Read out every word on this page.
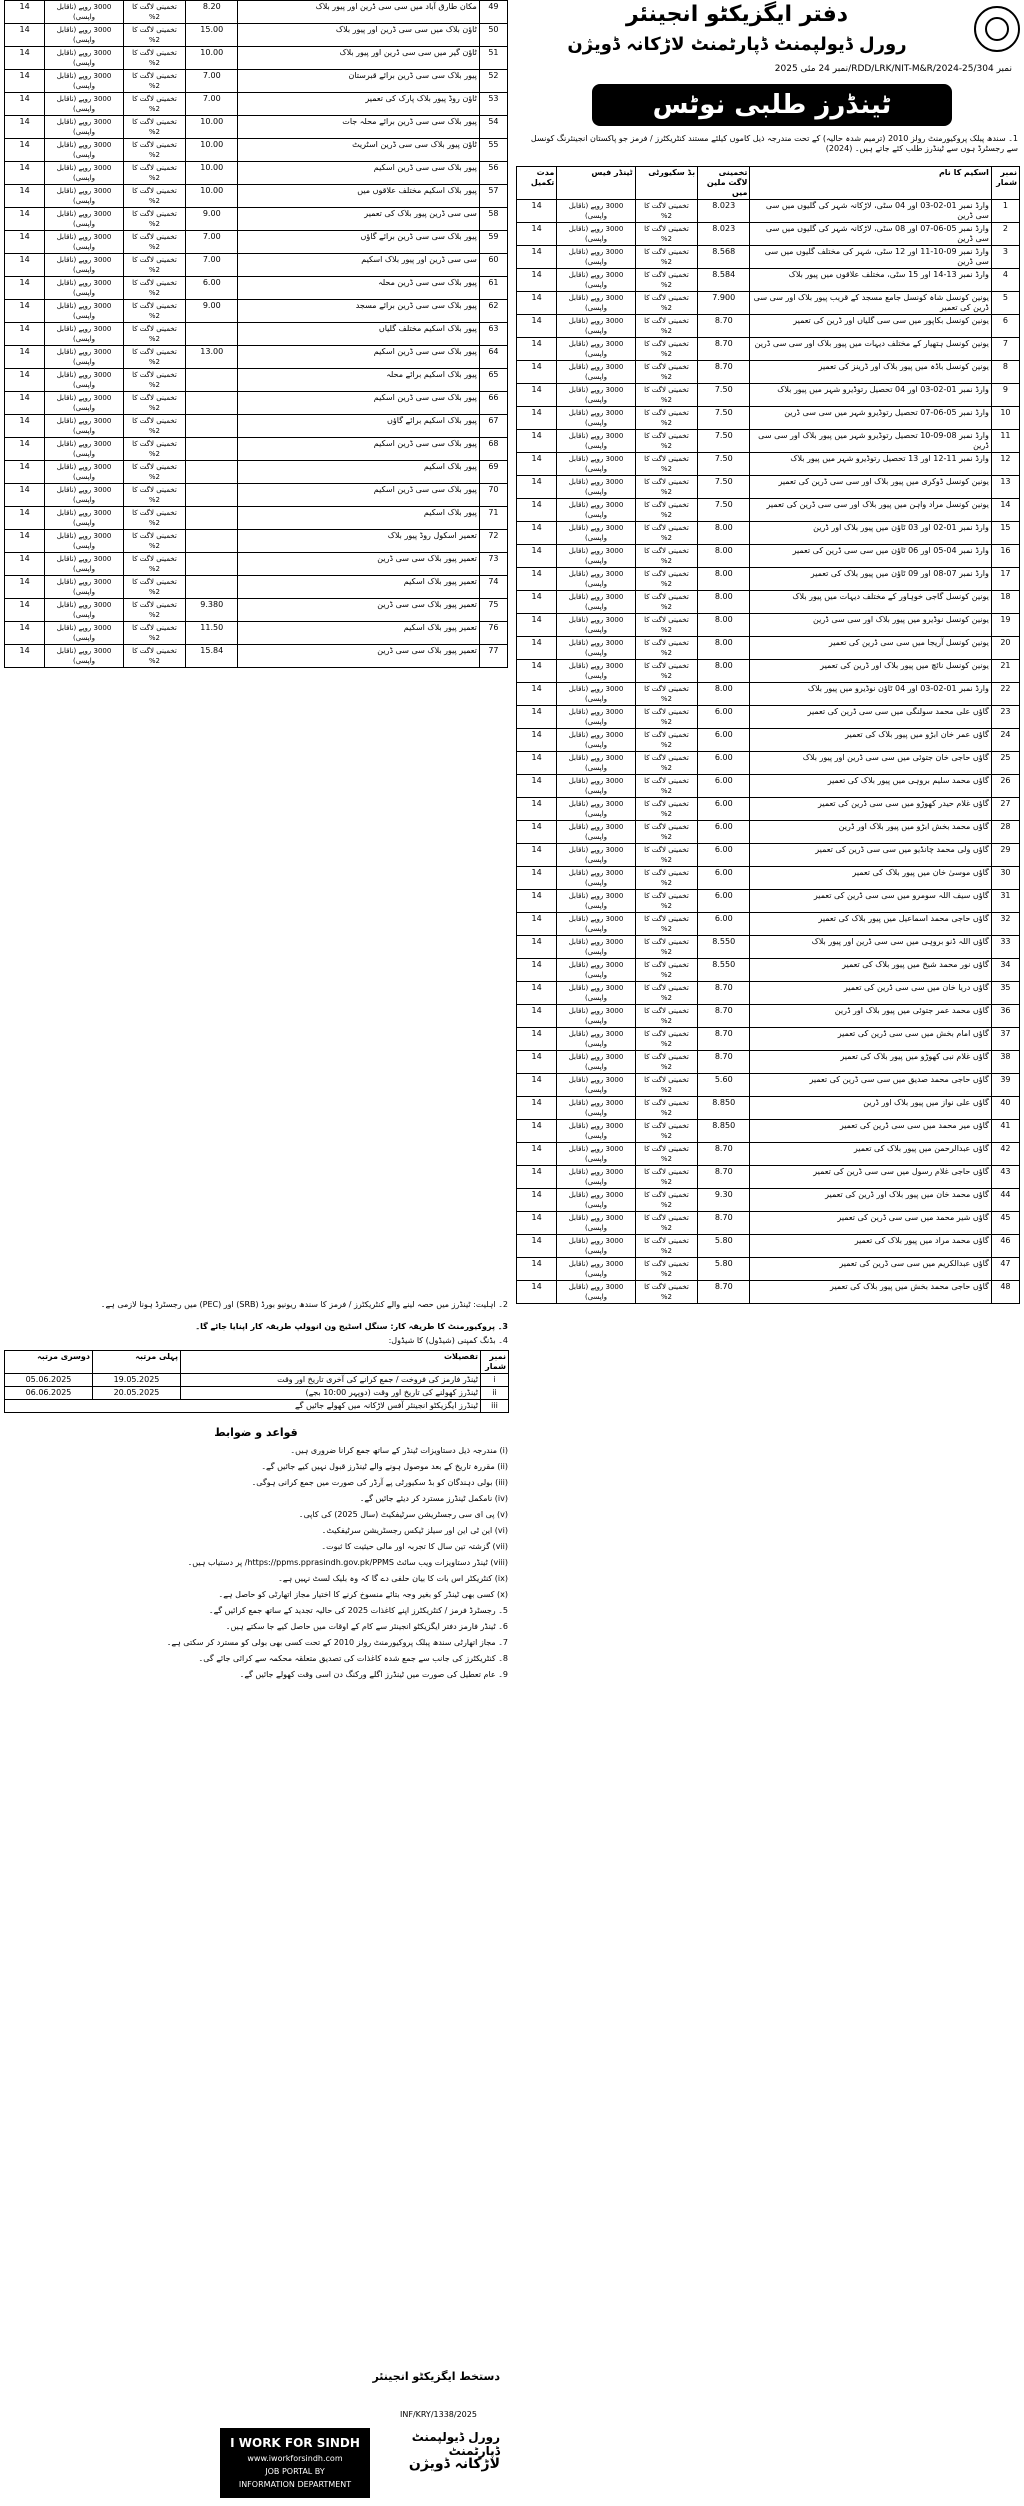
دفتر ایگزیکٹو انجینئر
رورل ڈیولپمنٹ ڈپارٹمنٹ لاڑکانہ ڈویژن
نمبر RDD/LRK/NIT-M&R/2024-25/304/نمبر 24 مئی 2025
ٹینڈرز طلبی نوٹس
1۔ سندھ پبلک پروکیورمنٹ رولز 2010 (ترمیم شدہ حالیہ) کے تحت مندرجہ ذیل کاموں کیلئے مستند کنٹریکٹرز / فرمز جو پاکستان انجینئرنگ کونسل سے رجسٹرڈ ہوں سے ٹینڈرز طلب کئے جاتے ہیں۔ (2024)
نمبر شمار	اسکیم کا نام	تخمینی لاگت ملین میں	بڈ سکیورٹی	ٹینڈر فیس	مدت تکمیل
1	وارڈ نمبر 01-02-03 اور 04 سٹی، لاڑکانہ شہر کی گلیوں میں سی سی ڈرین	8.023	تخمینی لاگت کا 2%	3000 روپے (ناقابل واپسی)	14
2	وارڈ نمبر 05-06-07 اور 08 سٹی، لاڑکانہ شہر کی گلیوں میں سی سی ڈرین	8.023	تخمینی لاگت کا 2%	3000 روپے (ناقابل واپسی)	14
3	وارڈ نمبر 09-10-11 اور 12 سٹی، شہر کی مختلف گلیوں میں سی سی ڈرین	8.568	تخمینی لاگت کا 2%	3000 روپے (ناقابل واپسی)	14
4	وارڈ نمبر 13-14 اور 15 سٹی، مختلف علاقوں میں پیور بلاک	8.584	تخمینی لاگت کا 2%	3000 روپے (ناقابل واپسی)	14
5	یونین کونسل شاہ کونسل جامع مسجد کے قریب پیور بلاک اور سی سی ڈرین کی تعمیر	7.900	تخمینی لاگت کا 2%	3000 روپے (ناقابل واپسی)	14
6	یونین کونسل بکاپور میں سی سی گلیاں اور ڈرین کی تعمیر	8.70	تخمینی لاگت کا 2%	3000 روپے (ناقابل واپسی)	14
7	یونین کونسل ہتھیار کے مختلف دیہات میں پیور بلاک اور سی سی ڈرین	8.70	تخمینی لاگت کا 2%	3000 روپے (ناقابل واپسی)	14
8	یونین کونسل باڈہ میں پیور بلاک اور ڈرینز کی تعمیر	8.70	تخمینی لاگت کا 2%	3000 روپے (ناقابل واپسی)	14
9	وارڈ نمبر 01-02-03 اور 04 تحصیل رتوڈیرو شہر میں پیور بلاک	7.50	تخمینی لاگت کا 2%	3000 روپے (ناقابل واپسی)	14
10	وارڈ نمبر 05-06-07 تحصیل رتوڈیرو شہر میں سی سی ڈرین	7.50	تخمینی لاگت کا 2%	3000 روپے (ناقابل واپسی)	14
11	وارڈ نمبر 08-09-10 تحصیل رتوڈیرو شہر میں پیور بلاک اور سی سی ڈرین	7.50	تخمینی لاگت کا 2%	3000 روپے (ناقابل واپسی)	14
12	وارڈ نمبر 11-12 اور 13 تحصیل رتوڈیرو شہر میں پیور بلاک	7.50	تخمینی لاگت کا 2%	3000 روپے (ناقابل واپسی)	14
13	یونین کونسل ڈوکری میں پیور بلاک اور سی سی ڈرین کی تعمیر	7.50	تخمینی لاگت کا 2%	3000 روپے (ناقابل واپسی)	14
14	یونین کونسل مراد واہن میں پیور بلاک اور سی سی ڈرین کی تعمیر	7.50	تخمینی لاگت کا 2%	3000 روپے (ناقابل واپسی)	14
15	وارڈ نمبر 01-02 اور 03 ٹاؤن میں پیور بلاک اور ڈرین	8.00	تخمینی لاگت کا 2%	3000 روپے (ناقابل واپسی)	14
16	وارڈ نمبر 04-05 اور 06 ٹاؤن میں سی سی ڈرین کی تعمیر	8.00	تخمینی لاگت کا 2%	3000 روپے (ناقابل واپسی)	14
17	وارڈ نمبر 07-08 اور 09 ٹاؤن میں پیور بلاک کی تعمیر	8.00	تخمینی لاگت کا 2%	3000 روپے (ناقابل واپسی)	14
18	یونین کونسل گاجی خوہاور کے مختلف دیہات میں پیور بلاک	8.00	تخمینی لاگت کا 2%	3000 روپے (ناقابل واپسی)	14
19	یونین کونسل نوڈیرو میں پیور بلاک اور سی سی ڈرین	8.00	تخمینی لاگت کا 2%	3000 روپے (ناقابل واپسی)	14
20	یونین کونسل آریجا میں سی سی ڈرین کی تعمیر	8.00	تخمینی لاگت کا 2%	3000 روپے (ناقابل واپسی)	14
21	یونین کونسل نائچ میں پیور بلاک اور ڈرین کی تعمیر	8.00	تخمینی لاگت کا 2%	3000 روپے (ناقابل واپسی)	14
22	وارڈ نمبر 01-02-03 اور 04 ٹاؤن نوڈیرو میں پیور بلاک	8.00	تخمینی لاگت کا 2%	3000 روپے (ناقابل واپسی)	14
23	گاؤں علی محمد سولنگی میں سی سی ڈرین کی تعمیر	6.00	تخمینی لاگت کا 2%	3000 روپے (ناقابل واپسی)	14
24	گاؤں عمر خان ابڑو میں پیور بلاک کی تعمیر	6.00	تخمینی لاگت کا 2%	3000 روپے (ناقابل واپسی)	14
25	گاؤں حاجی خان جتوئی میں سی سی ڈرین اور پیور بلاک	6.00	تخمینی لاگت کا 2%	3000 روپے (ناقابل واپسی)	14
26	گاؤں محمد سلیم بروہی میں پیور بلاک کی تعمیر	6.00	تخمینی لاگت کا 2%	3000 روپے (ناقابل واپسی)	14
27	گاؤں غلام حیدر کھوڑو میں سی سی ڈرین کی تعمیر	6.00	تخمینی لاگت کا 2%	3000 روپے (ناقابل واپسی)	14
28	گاؤں محمد بخش ابڑو میں پیور بلاک اور ڈرین	6.00	تخمینی لاگت کا 2%	3000 روپے (ناقابل واپسی)	14
29	گاؤں ولی محمد چانڈیو میں سی سی ڈرین کی تعمیر	6.00	تخمینی لاگت کا 2%	3000 روپے (ناقابل واپسی)	14
30	گاؤں موسیٰ خان میں پیور بلاک کی تعمیر	6.00	تخمینی لاگت کا 2%	3000 روپے (ناقابل واپسی)	14
31	گاؤں سیف اللہ سومرو میں سی سی ڈرین کی تعمیر	6.00	تخمینی لاگت کا 2%	3000 روپے (ناقابل واپسی)	14
32	گاؤں حاجی محمد اسماعیل میں پیور بلاک کی تعمیر	6.00	تخمینی لاگت کا 2%	3000 روپے (ناقابل واپسی)	14
33	گاؤں اللہ ڈنو بروہی میں سی سی ڈرین اور پیور بلاک	8.550	تخمینی لاگت کا 2%	3000 روپے (ناقابل واپسی)	14
34	گاؤں نور محمد شیخ میں پیور بلاک کی تعمیر	8.550	تخمینی لاگت کا 2%	3000 روپے (ناقابل واپسی)	14
35	گاؤں دریا خان میں سی سی ڈرین کی تعمیر	8.70	تخمینی لاگت کا 2%	3000 روپے (ناقابل واپسی)	14
36	گاؤں محمد عمر جتوئی میں پیور بلاک اور ڈرین	8.70	تخمینی لاگت کا 2%	3000 روپے (ناقابل واپسی)	14
37	گاؤں امام بخش میں سی سی ڈرین کی تعمیر	8.70	تخمینی لاگت کا 2%	3000 روپے (ناقابل واپسی)	14
38	گاؤں غلام نبی کھوڑو میں پیور بلاک کی تعمیر	8.70	تخمینی لاگت کا 2%	3000 روپے (ناقابل واپسی)	14
39	گاؤں حاجی محمد صدیق میں سی سی ڈرین کی تعمیر	5.60	تخمینی لاگت کا 2%	3000 روپے (ناقابل واپسی)	14
40	گاؤں علی نواز میں پیور بلاک اور ڈرین	8.850	تخمینی لاگت کا 2%	3000 روپے (ناقابل واپسی)	14
41	گاؤں میر محمد میں سی سی ڈرین کی تعمیر	8.850	تخمینی لاگت کا 2%	3000 روپے (ناقابل واپسی)	14
42	گاؤں عبدالرحمن میں پیور بلاک کی تعمیر	8.70	تخمینی لاگت کا 2%	3000 روپے (ناقابل واپسی)	14
43	گاؤں حاجی غلام رسول میں سی سی ڈرین کی تعمیر	8.70	تخمینی لاگت کا 2%	3000 روپے (ناقابل واپسی)	14
44	گاؤں محمد خان میں پیور بلاک اور ڈرین کی تعمیر	9.30	تخمینی لاگت کا 2%	3000 روپے (ناقابل واپسی)	14
45	گاؤں شیر محمد میں سی سی ڈرین کی تعمیر	8.70	تخمینی لاگت کا 2%	3000 روپے (ناقابل واپسی)	14
46	گاؤں محمد مراد میں پیور بلاک کی تعمیر	5.80	تخمینی لاگت کا 2%	3000 روپے (ناقابل واپسی)	14
47	گاؤں عبدالکریم میں سی سی ڈرین کی تعمیر	5.80	تخمینی لاگت کا 2%	3000 روپے (ناقابل واپسی)	14
48	گاؤں حاجی محمد بخش میں پیور بلاک کی تعمیر	8.70	تخمینی لاگت کا 2%	3000 روپے (ناقابل واپسی)	14
49	مکان طارق آباد میں سی سی ڈرین اور پیور بلاک	8.20	تخمینی لاگت کا 2%	3000 روپے (ناقابل واپسی)	14
50	ٹاؤن بلاک میں سی سی ڈرین اور پیور بلاک	15.00	تخمینی لاگت کا 2%	3000 روپے (ناقابل واپسی)	14
51	ٹاؤن گیر میں سی سی ڈرین اور پیور بلاک	10.00	تخمینی لاگت کا 2%	3000 روپے (ناقابل واپسی)	14
52	پیور بلاک سی سی ڈرین برائے قبرستان	7.00	تخمینی لاگت کا 2%	3000 روپے (ناقابل واپسی)	14
53	ٹاؤن روڈ پیور بلاک پارک کی تعمیر	7.00	تخمینی لاگت کا 2%	3000 روپے (ناقابل واپسی)	14
54	پیور بلاک سی سی ڈرین برائے محلہ جات	10.00	تخمینی لاگت کا 2%	3000 روپے (ناقابل واپسی)	14
55	ٹاؤن پیور بلاک سی سی ڈرین اسٹریٹ	10.00	تخمینی لاگت کا 2%	3000 روپے (ناقابل واپسی)	14
56	پیور بلاک سی سی ڈرین اسکیم	10.00	تخمینی لاگت کا 2%	3000 روپے (ناقابل واپسی)	14
57	پیور بلاک اسکیم مختلف علاقوں میں	10.00	تخمینی لاگت کا 2%	3000 روپے (ناقابل واپسی)	14
58	سی سی ڈرین پیور بلاک کی تعمیر	9.00	تخمینی لاگت کا 2%	3000 روپے (ناقابل واپسی)	14
59	پیور بلاک سی سی ڈرین برائے گاؤں	7.00	تخمینی لاگت کا 2%	3000 روپے (ناقابل واپسی)	14
60	سی سی ڈرین اور پیور بلاک اسکیم	7.00	تخمینی لاگت کا 2%	3000 روپے (ناقابل واپسی)	14
61	پیور بلاک سی سی ڈرین محلہ	6.00	تخمینی لاگت کا 2%	3000 روپے (ناقابل واپسی)	14
62	پیور بلاک سی سی ڈرین برائے مسجد	9.00	تخمینی لاگت کا 2%	3000 روپے (ناقابل واپسی)	14
63	پیور بلاک اسکیم مختلف گلیاں		تخمینی لاگت کا 2%	3000 روپے (ناقابل واپسی)	14
64	پیور بلاک سی سی ڈرین اسکیم	13.00	تخمینی لاگت کا 2%	3000 روپے (ناقابل واپسی)	14
65	پیور بلاک اسکیم برائے محلہ		تخمینی لاگت کا 2%	3000 روپے (ناقابل واپسی)	14
66	پیور بلاک سی سی ڈرین اسکیم		تخمینی لاگت کا 2%	3000 روپے (ناقابل واپسی)	14
67	پیور بلاک اسکیم برائے گاؤں		تخمینی لاگت کا 2%	3000 روپے (ناقابل واپسی)	14
68	پیور بلاک سی سی ڈرین اسکیم		تخمینی لاگت کا 2%	3000 روپے (ناقابل واپسی)	14
69	پیور بلاک اسکیم		تخمینی لاگت کا 2%	3000 روپے (ناقابل واپسی)	14
70	پیور بلاک سی سی ڈرین اسکیم		تخمینی لاگت کا 2%	3000 روپے (ناقابل واپسی)	14
71	پیور بلاک اسکیم		تخمینی لاگت کا 2%	3000 روپے (ناقابل واپسی)	14
72	تعمیر اسکول روڈ پیور بلاک		تخمینی لاگت کا 2%	3000 روپے (ناقابل واپسی)	14
73	تعمیر پیور بلاک سی سی ڈرین		تخمینی لاگت کا 2%	3000 روپے (ناقابل واپسی)	14
74	تعمیر پیور بلاک اسکیم		تخمینی لاگت کا 2%	3000 روپے (ناقابل واپسی)	14
75	تعمیر پیور بلاک سی سی ڈرین	9.380	تخمینی لاگت کا 2%	3000 روپے (ناقابل واپسی)	14
76	تعمیر پیور بلاک اسکیم	11.50	تخمینی لاگت کا 2%	3000 روپے (ناقابل واپسی)	14
77	تعمیر پیور بلاک سی سی ڈرین	15.84	تخمینی لاگت کا 2%	3000 روپے (ناقابل واپسی)	14
2۔ اہلیت: ٹینڈرز میں حصہ لینے والے کنٹریکٹرز / فرمز کا سندھ ریونیو بورڈ (SRB) اور (PEC) میں رجسٹرڈ ہونا لازمی ہے۔
3۔ پروکیورمنٹ کا طریقہ کار: سنگل اسٹیج ون انوولپ طریقہ کار اپنایا جائے گا۔
4۔ بڈنگ کمپنی (شیڈول) کا شیڈول:
نمبر شمار	تفصیلات	پہلی مرتبہ	دوسری مرتبہ
i	ٹینڈر فارمز کی فروخت / جمع کرانے کی آخری تاریخ اور وقت	19.05.2025	05.06.2025
ii	ٹینڈرز کھولنے کی تاریخ اور وقت (دوپہر 10:00 بجے)	20.05.2025	06.06.2025
iii	ٹینڈرز ایگزیکٹو انجینئر آفس لاڑکانہ میں کھولے جائیں گے		
قواعد و ضوابط
(i) مندرجہ ذیل دستاویزات ٹینڈر کے ساتھ جمع کرانا ضروری ہیں۔
(ii) مقررہ تاریخ کے بعد موصول ہونے والے ٹینڈرز قبول نہیں کیے جائیں گے۔
(iii) بولی دہندگان کو بڈ سکیورٹی پے آرڈر کی صورت میں جمع کرانی ہوگی۔
(iv) نامکمل ٹینڈرز مسترد کر دیئے جائیں گے۔
(v) پی ای سی رجسٹریشن سرٹیفکیٹ (سال 2025) کی کاپی۔
(vi) این ٹی این اور سیلز ٹیکس رجسٹریشن سرٹیفکیٹ۔
(vii) گزشتہ تین سال کا تجربہ اور مالی حیثیت کا ثبوت۔
(viii) ٹینڈر دستاویزات ویب سائٹ https://ppms.pprasindh.gov.pk/PPMS/ پر دستیاب ہیں۔
(ix) کنٹریکٹر اس بات کا بیان حلفی دے گا کہ وہ بلیک لسٹ نہیں ہے۔
(x) کسی بھی ٹینڈر کو بغیر وجہ بتائے منسوخ کرنے کا اختیار مجاز اتھارٹی کو حاصل ہے۔
5۔ رجسٹرڈ فرمز / کنٹریکٹرز اپنے کاغذات 2025 کی حالیہ تجدید کے ساتھ جمع کرائیں گے۔
6۔ ٹینڈر فارمز دفتر ایگزیکٹو انجینئر سے کام کے اوقات میں حاصل کیے جا سکتے ہیں۔
7۔ مجاز اتھارٹی سندھ پبلک پروکیورمنٹ رولز 2010 کے تحت کسی بھی بولی کو مسترد کر سکتی ہے۔
8۔ کنٹریکٹرز کی جانب سے جمع شدہ کاغذات کی تصدیق متعلقہ محکمہ سے کرائی جائے گی۔
9۔ عام تعطیل کی صورت میں ٹینڈرز اگلے ورکنگ دن اسی وقت کھولے جائیں گے۔
دستخط ایگزیکٹو انجینئر
رورل ڈیولپمنٹ ڈپارٹمنٹ
لاڑکانہ ڈویژن
INF/KRY/1338/2025
I WORK FOR SINDH
www.iworkforsindh.com
JOB PORTAL BY
INFORMATION DEPARTMENT
